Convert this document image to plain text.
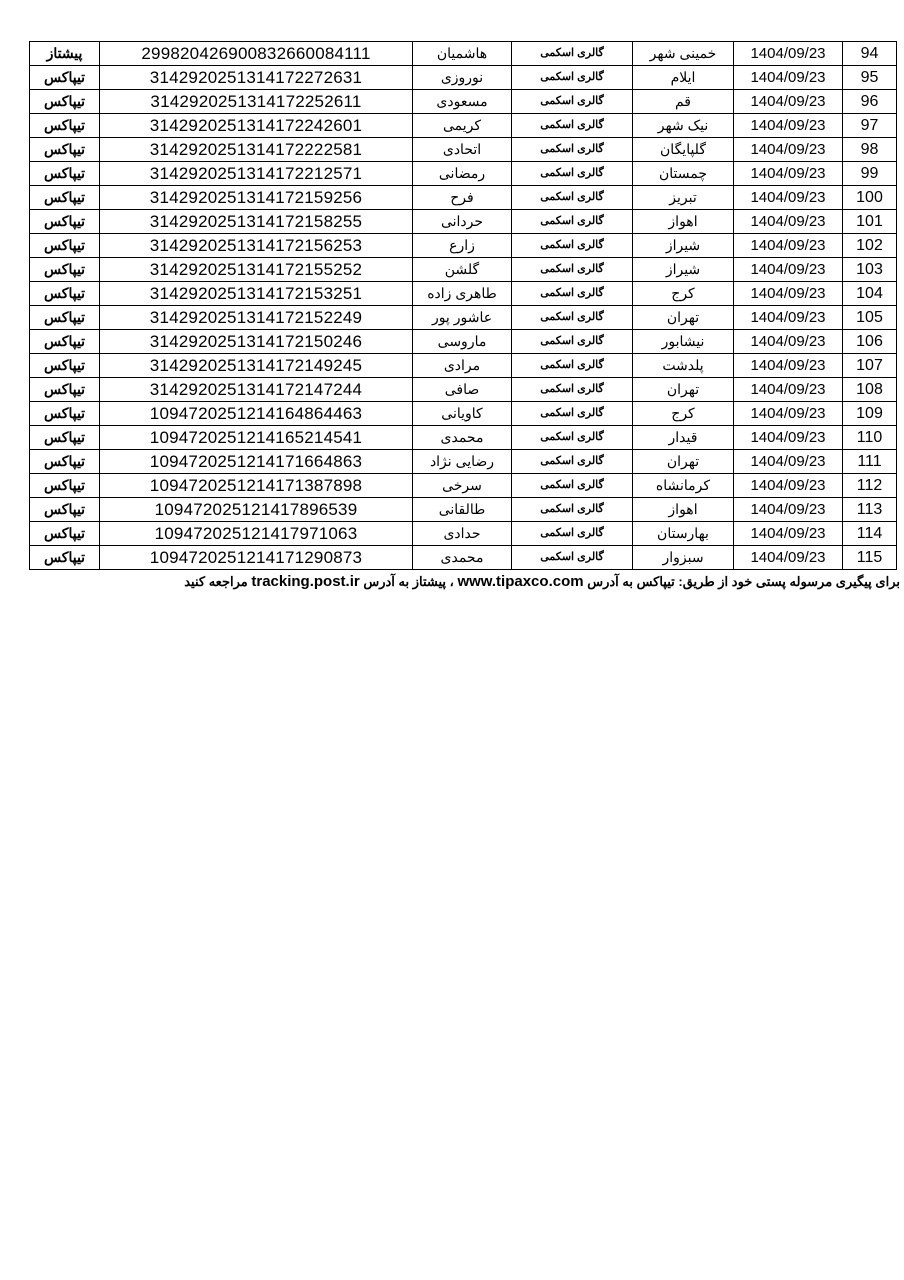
پیشتاز	299820426900832660084111	هاشمیان	گالری اسکمی	خمینی شهر	1404/09/23	94
تیپاکس	3142920251314172272631	نوروزی	گالری اسکمی	ایلام	1404/09/23	95
تیپاکس	3142920251314172252611	مسعودی	گالری اسکمی	قم	1404/09/23	96
تیپاکس	3142920251314172242601	کریمی	گالری اسکمی	نیک شهر	1404/09/23	97
تیپاکس	3142920251314172222581	اتحادی	گالری اسکمی	گلپایگان	1404/09/23	98
تیپاکس	3142920251314172212571	رمضانی	گالری اسکمی	چمستان	1404/09/23	99
تیپاکس	3142920251314172159256	فرح	گالری اسکمی	تبریز	1404/09/23	100
تیپاکس	3142920251314172158255	حردانی	گالری اسکمی	اهواز	1404/09/23	101
تیپاکس	3142920251314172156253	زارع	گالری اسکمی	شیراز	1404/09/23	102
تیپاکس	3142920251314172155252	گلشن	گالری اسکمی	شیراز	1404/09/23	103
تیپاکس	3142920251314172153251	طاهری زاده	گالری اسکمی	کرج	1404/09/23	104
تیپاکس	3142920251314172152249	عاشور پور	گالری اسکمی	تهران	1404/09/23	105
تیپاکس	3142920251314172150246	ماروسی	گالری اسکمی	نیشابور	1404/09/23	106
تیپاکس	3142920251314172149245	مرادی	گالری اسکمی	پلدشت	1404/09/23	107
تیپاکس	3142920251314172147244	صافی	گالری اسکمی	تهران	1404/09/23	108
تیپاکس	1094720251214164864463	کاویانی	گالری اسکمی	کرج	1404/09/23	109
تیپاکس	1094720251214165214541	محمدی	گالری اسکمی	قیدار	1404/09/23	110
تیپاکس	1094720251214171664863	رضایی نژاد	گالری اسکمی	تهران	1404/09/23	111
تیپاکس	1094720251214171387898	سرخی	گالری اسکمی	کرمانشاه	1404/09/23	112
تیپاکس	10947202512141789653​9	طالقانی	گالری اسکمی	اهواز	1404/09/23	113
تیپاکس	109472025121417971063	حدادی	گالری اسکمی	بهارستان	1404/09/23	114
تیپاکس	1094720251214171290873	محمدی	گالری اسکمی	سبزوار	1404/09/23	115
برای پیگیری مرسوله پستی خود از طریق: تیپاکس به آدرس www.tipaxco.com ، پیشتاز به آدرس tracking.post.ir مراجعه کنید
